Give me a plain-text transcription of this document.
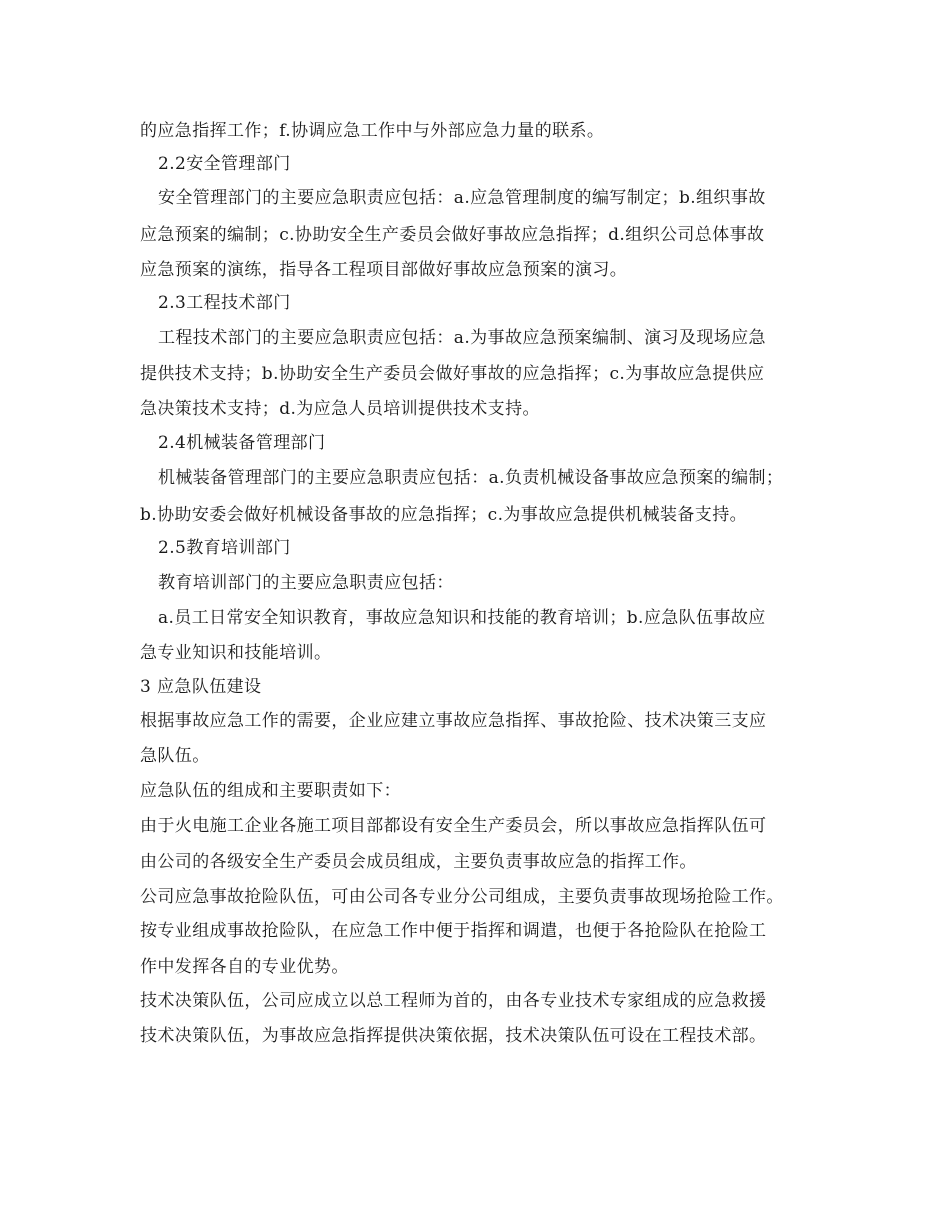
的应急指挥工作；f.协调应急工作中与外部应急力量的联系。
2.2安全管理部门
安全管理部门的主要应急职责应包括：a.应急管理制度的编写制定；b.组织事故
应急预案的编制；c.协助安全生产委员会做好事故应急指挥；d.组织公司总体事故
应急预案的演练，指导各工程项目部做好事故应急预案的演习。
2.3工程技术部门
工程技术部门的主要应急职责应包括：a.为事故应急预案编制、演习及现场应急
提供技术支持；b.协助安全生产委员会做好事故的应急指挥；c.为事故应急提供应
急决策技术支持；d.为应急人员培训提供技术支持。
2.4机械装备管理部门
机械装备管理部门的主要应急职责应包括：a.负责机械设备事故应急预案的编制；
b.协助安委会做好机械设备事故的应急指挥；c.为事故应急提供机械装备支持。
2.5教育培训部门
教育培训部门的主要应急职责应包括：
a.员工日常安全知识教育，事故应急知识和技能的教育培训；b.应急队伍事故应
急专业知识和技能培训。
3 应急队伍建设
根据事故应急工作的需要，企业应建立事故应急指挥、事故抢险、技术决策三支应
急队伍。
应急队伍的组成和主要职责如下：
由于火电施工企业各施工项目部都设有安全生产委员会，所以事故应急指挥队伍可
由公司的各级安全生产委员会成员组成，主要负责事故应急的指挥工作。
公司应急事故抢险队伍，可由公司各专业分公司组成，主要负责事故现场抢险工作。
按专业组成事故抢险队，在应急工作中便于指挥和调遣，也便于各抢险队在抢险工
作中发挥各自的专业优势。
技术决策队伍，公司应成立以总工程师为首的，由各专业技术专家组成的应急救援
技术决策队伍，为事故应急指挥提供决策依据，技术决策队伍可设在工程技术部。
